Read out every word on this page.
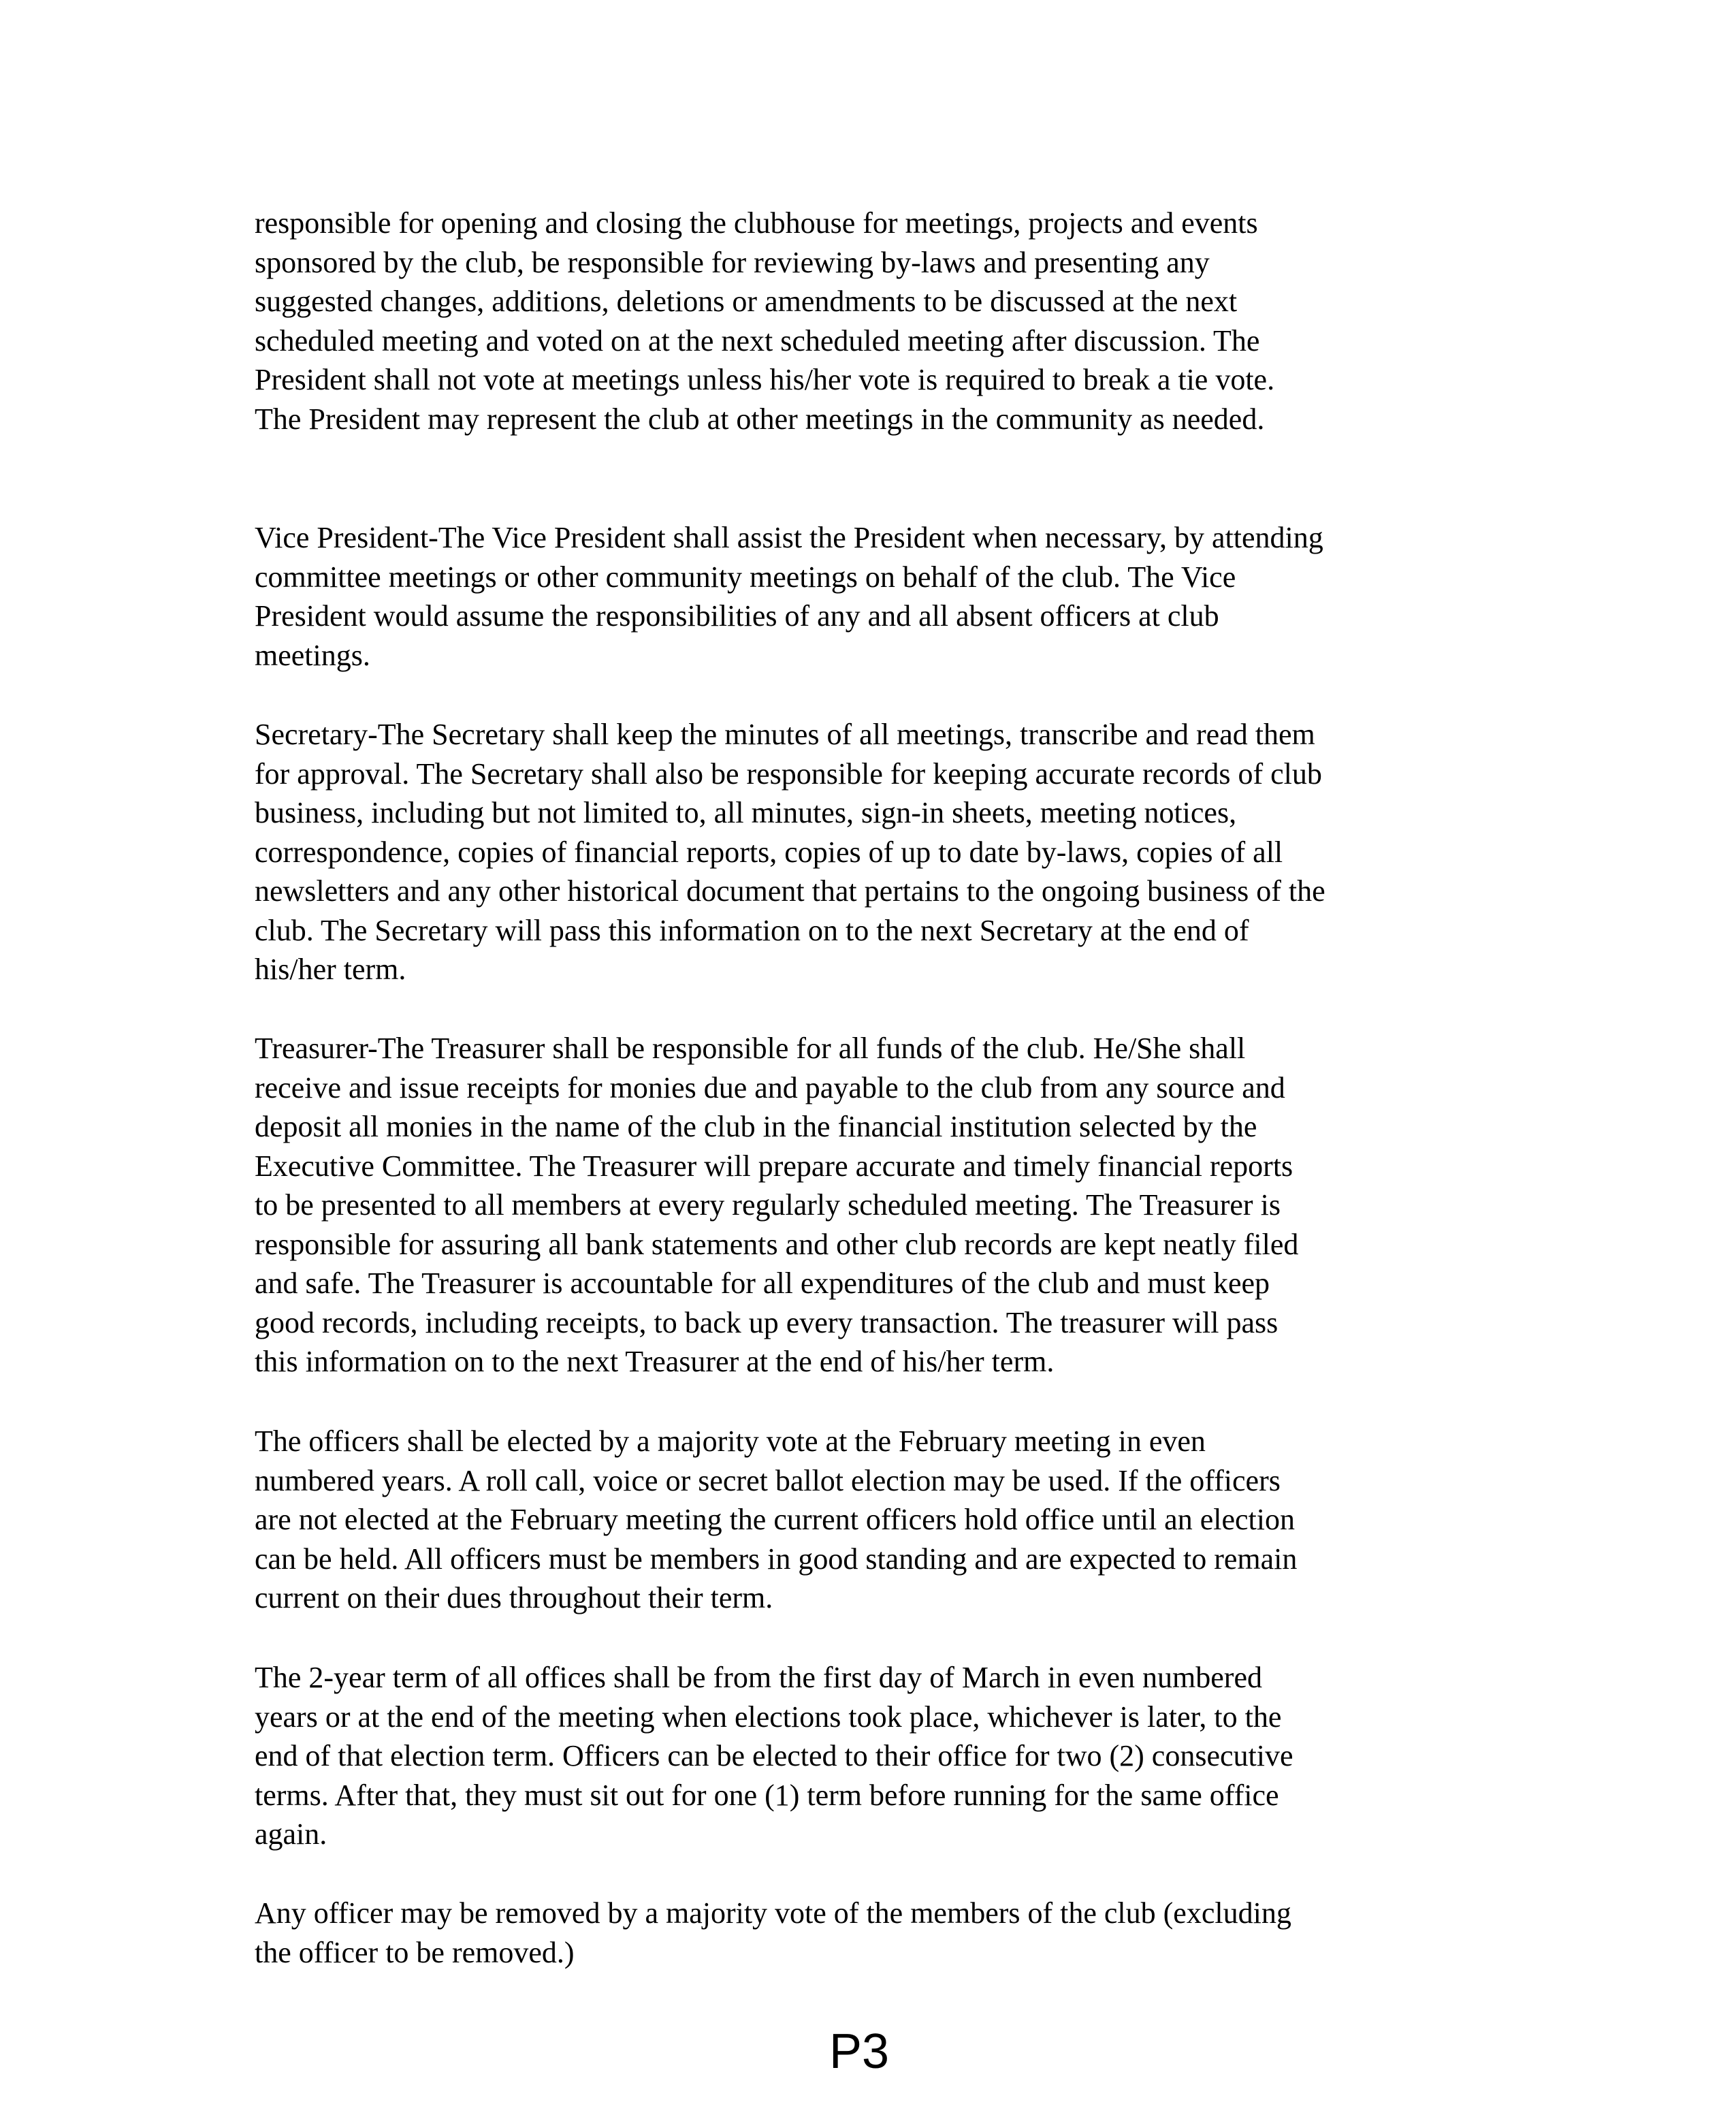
responsible for opening and closing the clubhouse for meetings, projects and events
sponsored by the club, be responsible for reviewing by-laws and presenting any
suggested changes, additions, deletions or amendments to be discussed at the next
scheduled meeting and voted on at the next scheduled meeting after discussion. The
President shall not vote at meetings unless his/her vote is required to break a tie vote.
The President may represent the club at other meetings in the community as needed.

Vice President-The Vice President shall assist the President when necessary, by attending
committee meetings or other community meetings on behalf of the club. The Vice
President would assume the responsibilities of any and all absent officers at club
meetings.

Secretary-The Secretary shall keep the minutes of all meetings, transcribe and read them
for approval. The Secretary shall also be responsible for keeping accurate records of club
business, including but not limited to, all minutes, sign-in sheets, meeting notices,
correspondence, copies of financial reports, copies of up to date by-laws, copies of all
newsletters and any other historical document that pertains to the ongoing business of the
club. The Secretary will pass this information on to the next Secretary at the end of
his/her term.

Treasurer-The Treasurer shall be responsible for all funds of the club. He/She shall
receive and issue receipts for monies due and payable to the club from any source and
deposit all monies in the name of the club in the financial institution selected by the
Executive Committee. The Treasurer will prepare accurate and timely financial reports
to be presented to all members at every regularly scheduled meeting. The Treasurer is
responsible for assuring all bank statements and other club records are kept neatly filed
and safe. The Treasurer is accountable for all expenditures of the club and must keep
good records, including receipts, to back up every transaction. The treasurer will pass
this information on to the next Treasurer at the end of his/her term.

The officers shall be elected by a majority vote at the February meeting in even
numbered years. A roll call, voice or secret ballot election may be used. If the officers
are not elected at the February meeting the current officers hold office until an election
can be held. All officers must be members in good standing and are expected to remain
current on their dues throughout their term.

The 2-year term of all offices shall be from the first day of March in even numbered
years or at the end of the meeting when elections took place, whichever is later, to the
end of that election term. Officers can be elected to their office for two (2) consecutive
terms. After that, they must sit out for one (1) term before running for the same office
again.

Any officer may be removed by a majority vote of the members of the club (excluding
the officer to be removed.)

P3
